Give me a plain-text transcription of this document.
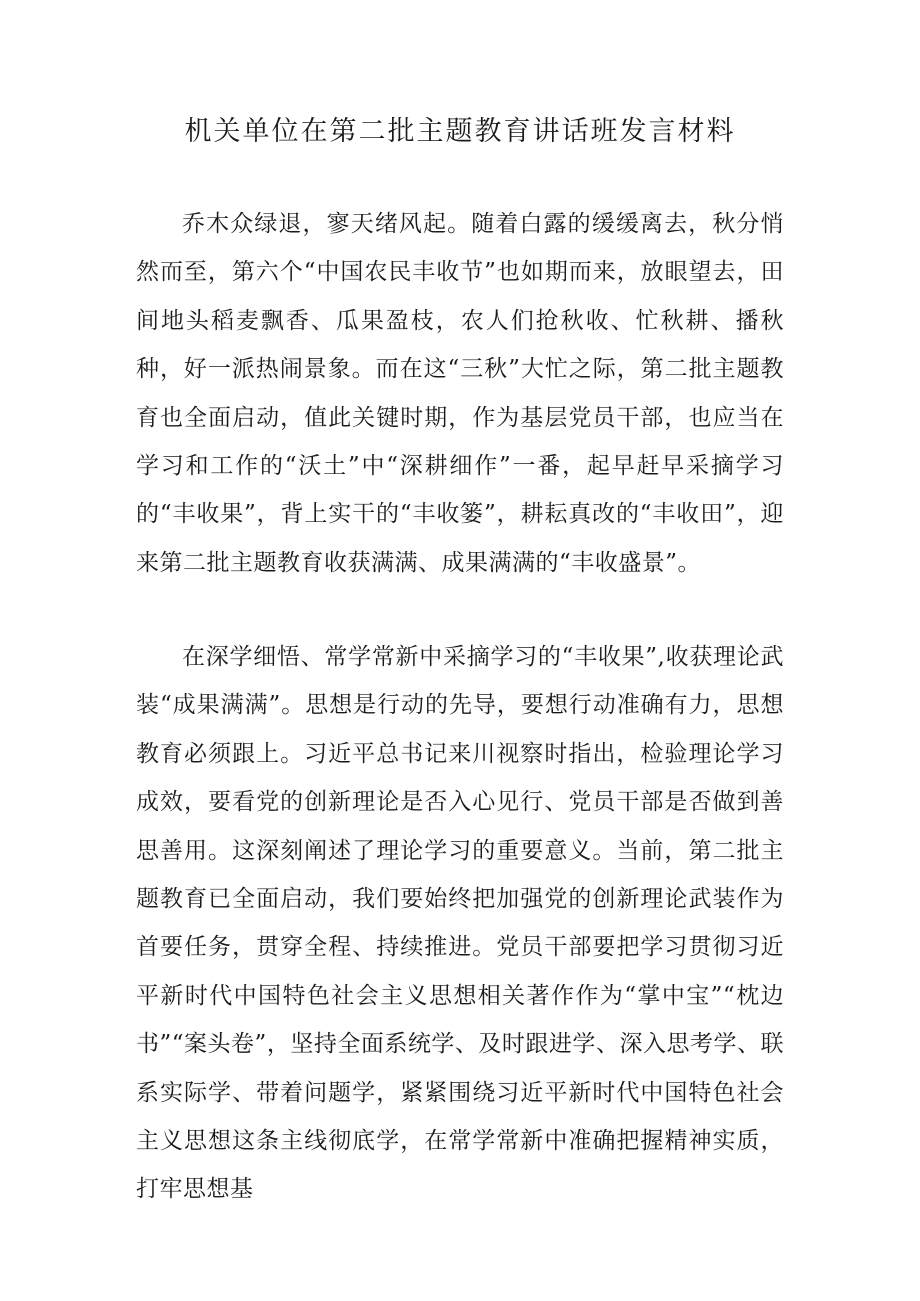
机关单位在第二批主题教育讲话班发言材料

乔木众绿退，寥天绪风起。随着白露的缓缓离去，秋分悄然而至，第六个“中国农民丰收节”也如期而来，放眼望去，田间地头稻麦飘香、瓜果盈枝，农人们抢秋收、忙秋耕、播秋种，好一派热闹景象。而在这“三秋”大忙之际，第二批主题教育也全面启动，值此关键时期，作为基层党员干部，也应当在学习和工作的“沃土”中“深耕细作”一番，起早赶早采摘学习的“丰收果”，背上实干的“丰收篓”，耕耘真改的“丰收田”，迎来第二批主题教育收获满满、成果满满的“丰收盛景”。

在深学细悟、常学常新中采摘学习的“丰收果”,收获理论武装“成果满满”。思想是行动的先导，要想行动准确有力，思想教育必须跟上。习近平总书记来川视察时指出，检验理论学习成效，要看党的创新理论是否入心见行、党员干部是否做到善思善用。这深刻阐述了理论学习的重要意义。当前，第二批主题教育已全面启动，我们要始终把加强党的创新理论武装作为首要任务，贯穿全程、持续推进。党员干部要把学习贯彻习近平新时代中国特色社会主义思想相关著作作为“掌中宝”“枕边书”“案头卷”，坚持全面系统学、及时跟进学、深入思考学、联系实际学、带着问题学，紧紧围绕习近平新时代中国特色社会主义思想这条主线彻底学，在常学常新中准确把握精神实质，打牢思想基
